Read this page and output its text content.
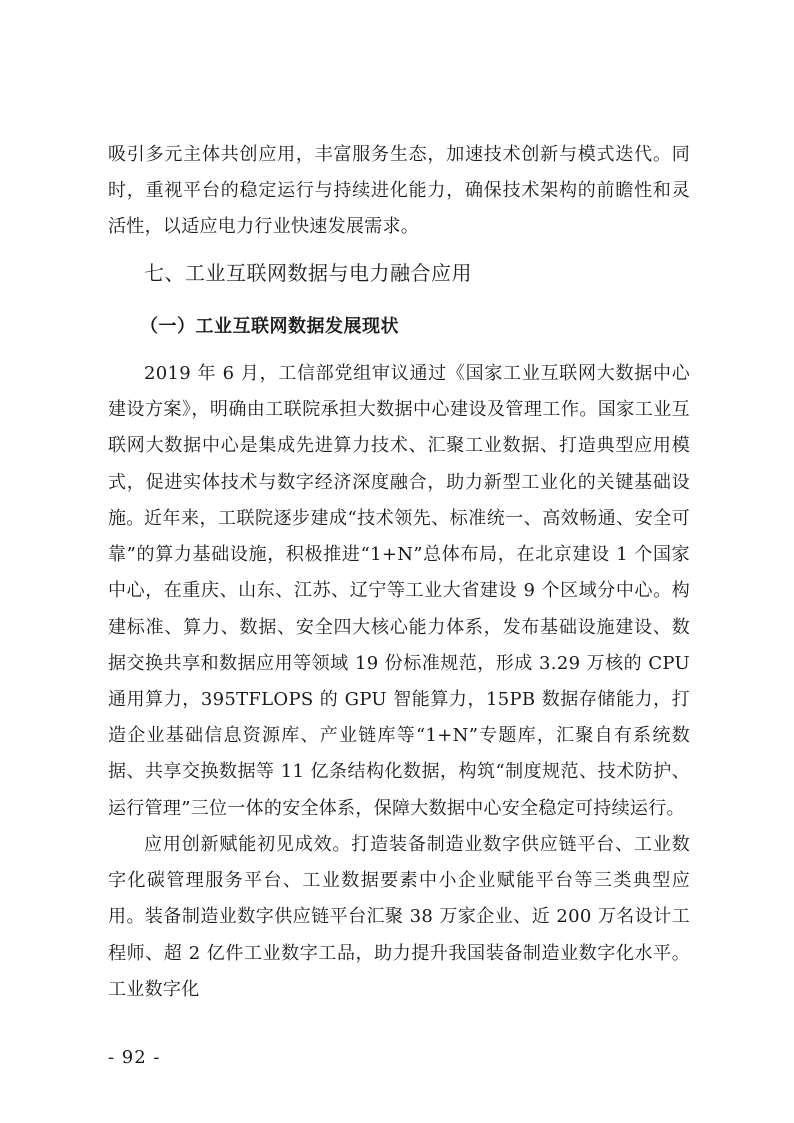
吸引多元主体共创应用，丰富服务生态，加速技术创新与模式迭代。同时，重视平台的稳定运行与持续进化能力，确保技术架构的前瞻性和灵活性，以适应电力行业快速发展需求。

七、工业互联网数据与电力融合应用
（一）工业互联网数据发展现状

2019 年 6 月，工信部党组审议通过《国家工业互联网大数据中心建设方案》，明确由工联院承担大数据中心建设及管理工作。国家工业互联网大数据中心是集成先进算力技术、汇聚工业数据、打造典型应用模式，促进实体技术与数字经济深度融合，助力新型工业化的关键基础设施。 近年来，工联院逐步建成“技术领先、标准统一、高效畅通、安全可靠”的算力基础设施，积极推进“1+N”总体布局，在北京建设 1 个国家中心，在重庆、山东、江苏、辽宁等工业大省建设 9 个区域分中心。构建标准、算力、数据、安全四大核心能力体系，发布基础设施建设、数据交换共享和数据应用等领域 19 份标准规范，形成 3.29 万核的 CPU 通用算力，395TFLOPS 的 GPU 智能算力，15PB 数据存储能力，打造企业基础信息资源库、产业链库等“1+N”专题库，汇聚自有系统数据、共享交换数据等 11 亿条结构化数据，构筑“制度规范、技术防护、运行管理”三位一体的安全体系，保障大数据中心安全稳定可持续运行。

应用创新赋能初见成效。打造装备制造业数字供应链平台、工业数字化碳管理服务平台、工业数据要素中小企业赋能平台等三类典型应用。装备制造业数字供应链平台汇聚 38 万家企业、近 200 万名设计工程师、超 2 亿件工业数字工品，助力提升我国装备制造业数字化水平。工业数字化

- 92 -
